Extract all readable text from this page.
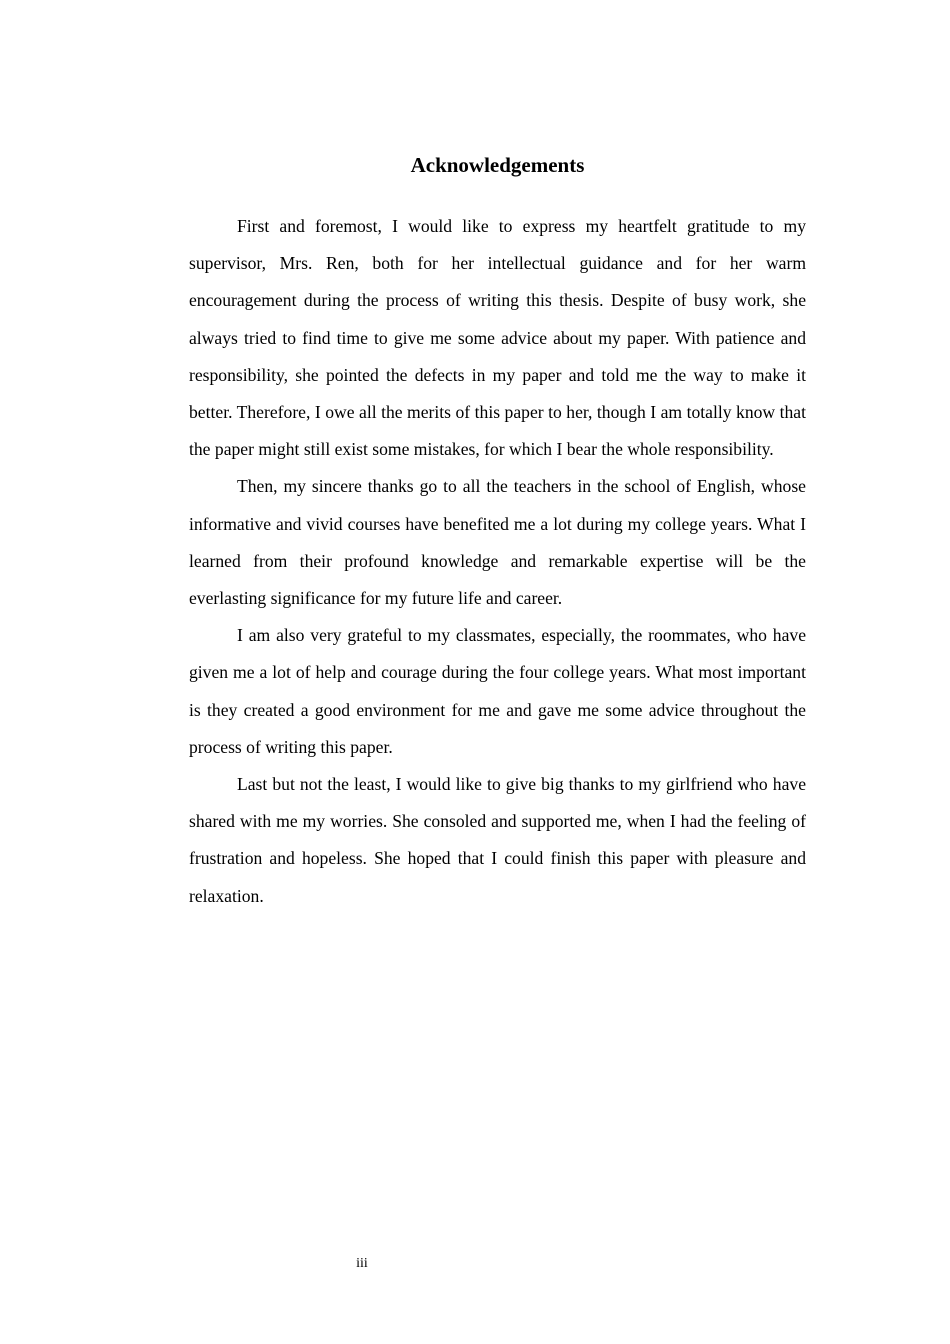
Acknowledgements

First and foremost, I would like to express my heartfelt gratitude to my supervisor, Mrs. Ren, both for her intellectual guidance and for her warm encouragement during the process of writing this thesis. Despite of busy work, she always tried to find time to give me some advice about my paper. With patience and responsibility, she pointed the defects in my paper and told me the way to make it better. Therefore, I owe all the merits of this paper to her, though I am totally know that the paper might still exist some mistakes, for which I bear the whole responsibility.

Then, my sincere thanks go to all the teachers in the school of English, whose informative and vivid courses have benefited me a lot during my college years. What I learned from their profound knowledge and remarkable expertise will be the everlasting significance for my future life and career.

I am also very grateful to my classmates, especially, the roommates, who have given me a lot of help and courage during the four college years. What most important is they created a good environment for me and gave me some advice throughout the process of writing this paper.

Last but not the least, I would like to give big thanks to my girlfriend who have shared with me my worries. She consoled and supported me, when I had the feeling of frustration and hopeless. She hoped that I could finish this paper with pleasure and relaxation.

iii
